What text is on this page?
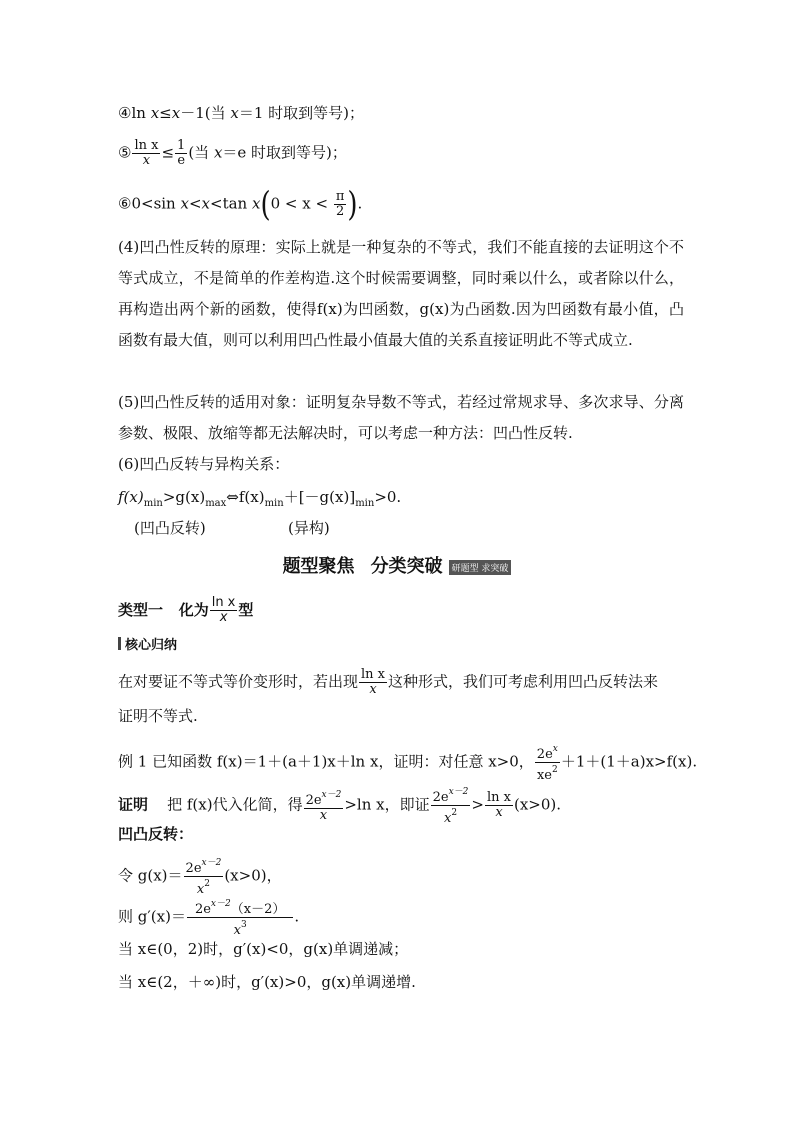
④ln x≤x－1(当 x＝1 时取到等号)；
⑤ $\frac{\text{ln x}}{x} \le \frac{1}{e}$ (当 x＝e 时取到等号)；
⑥0<sin x<x<tan $x(0 < x < \frac{\pi}{2}$ ).
(4)凹凸性反转的原理：实际上就是一种复杂的不等式，我们不能直接的去证明这个不等式成立，不是简单的作差构造.这个时候需要调整，同时乘以什么，或者除以什么，再构造出两个新的函数，使得f(x)为凹函数，g(x)为凸函数.因为凹函数有最小值，凸函数有最大值，则可以利用凹凸性最小值最大值的关系直接证明此不等式成立.
(5)凹凸性反转的适用对象：证明复杂导数不等式，若经过常规求导、多次求导、分离参数、极限、放缩等都无法解决时，可以考虑一种方法：凹凸性反转.
(6)凹凸反转与异构关系：
$f(x)_{min}>g(x)_{max}\Leftrightarrow f(x)_{min}+[-g(x)]_{min}>0$.
(凹凸反转)	(异构)
题型聚焦 分类突破 研题型 求突破
类型一 化为 $\frac{\text{ln x}}{x}$ 型
核心归纳
在对要证不等式等价变形时，若出现 $\frac{\text{ln x}}{x}$ 这种形式，我们可考虑利用凹凸反转法来
证明不等式.
例 1 已知函数 f(x)＝1＋(a＋1)x＋ln x，证明：对任意 x>0， $\frac{2e^x}{xe^2} +1+(1+a)x>f(x)$.
证明 把 f(x)代入化简，得 $\frac{2e^{x-2}}{x} >\ln$ x，即证 $\frac{2e^{x-2}}{x^2} > \frac{\text{ln x}}{x} (x>0)$.
凹凸反转：
令 $g(x)= \frac{2e^{x-2}}{x^2} (x>0)$，
则 $g'(x)= \frac{2e^{x-2}(x-2)}{x^3}$ .
当 x∈(0，2)时，g′(x)<0，g(x)单调递减；
当 x∈(2，＋∞)时，g′(x)>0，g(x)单调递增.
